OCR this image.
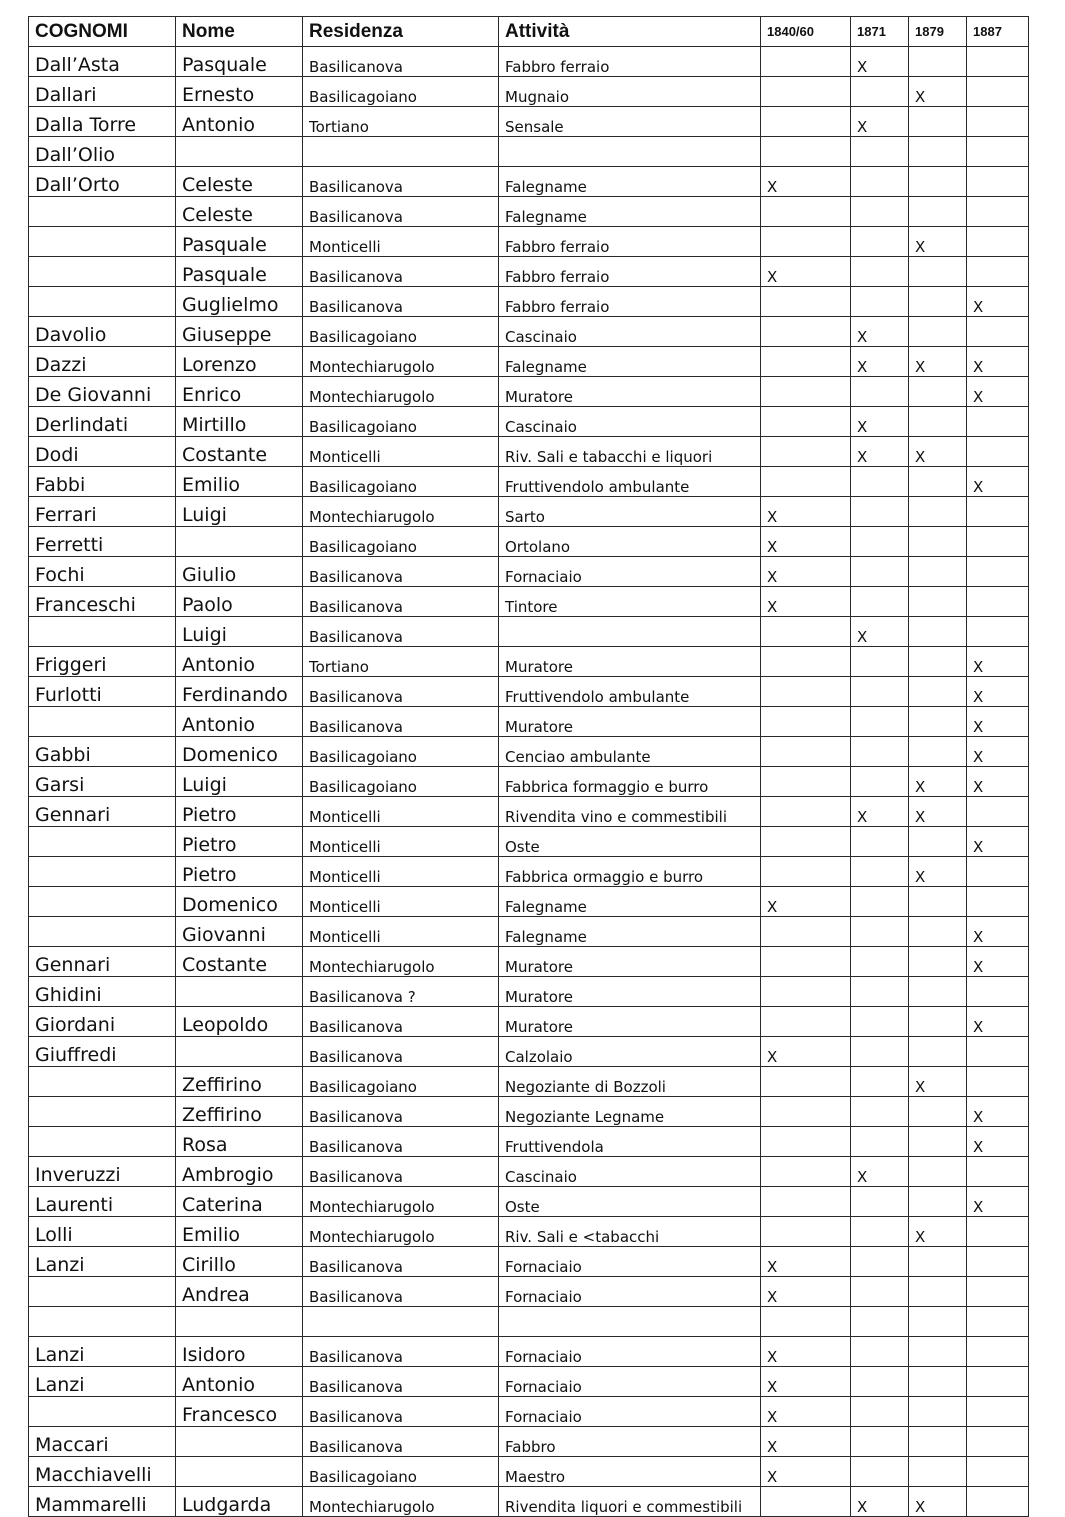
COGNOMI	Nome	Residenza	Attività	1840/60	1871	1879	1887
Dall’Asta	Pasquale	Basilicanova	Fabbro ferraio		X		
Dallari	Ernesto	Basilicagoiano	Mugnaio			X	
Dalla Torre	Antonio	Tortiano	Sensale		X		
Dall’Olio							
Dall’Orto	Celeste	Basilicanova	Falegname	X			
	Celeste	Basilicanova	Falegname				
	Pasquale	Monticelli	Fabbro ferraio			X	
	Pasquale	Basilicanova	Fabbro ferraio	X			
	Guglielmo	Basilicanova	Fabbro ferraio				X
Davolio	Giuseppe	Basilicagoiano	Cascinaio		X		
Dazzi	Lorenzo	Montechiarugolo	Falegname		X	X	X
De Giovanni	Enrico	Montechiarugolo	Muratore				X
Derlindati	Mirtillo	Basilicagoiano	Cascinaio		X		
Dodi	Costante	Monticelli	Riv. Sali e tabacchi e liquori		X	X	
Fabbi	Emilio	Basilicagoiano	Fruttivendolo ambulante				X
Ferrari	Luigi	Montechiarugolo	Sarto	X			
Ferretti		Basilicagoiano	Ortolano	X			
Fochi	Giulio	Basilicanova	Fornaciaio	X			
Franceschi	Paolo	Basilicanova	Tintore	X			
	Luigi	Basilicanova			X		
Friggeri	Antonio	Tortiano	Muratore				X
Furlotti	Ferdinando	Basilicanova	Fruttivendolo ambulante				X
	Antonio	Basilicanova	Muratore				X
Gabbi	Domenico	Basilicagoiano	Cenciao ambulante				X
Garsi	Luigi	Basilicagoiano	Fabbrica formaggio e burro			X	X
Gennari	Pietro	Monticelli	Rivendita vino e commestibili		X	X	
	Pietro	Monticelli	Oste				X
	Pietro	Monticelli	Fabbrica ormaggio e burro			X	
	Domenico	Monticelli	Falegname	X			
	Giovanni	Monticelli	Falegname				X
Gennari	Costante	Montechiarugolo	Muratore				X
Ghidini		Basilicanova ?	Muratore				
Giordani	Leopoldo	Basilicanova	Muratore				X
Giuffredi		Basilicanova	Calzolaio	X			
	Zeffirino	Basilicagoiano	Negoziante di Bozzoli			X	
	Zeffirino	Basilicanova	Negoziante Legname				X
	Rosa	Basilicanova	Fruttivendola				X
Inveruzzi	Ambrogio	Basilicanova	Cascinaio		X		
Laurenti	Caterina	Montechiarugolo	Oste				X
Lolli	Emilio	Montechiarugolo	Riv. Sali e <tabacchi			X	
Lanzi	Cirillo	Basilicanova	Fornaciaio	X			
	Andrea	Basilicanova	Fornaciaio	X			

Lanzi	Isidoro	Basilicanova	Fornaciaio	X			
Lanzi	Antonio	Basilicanova	Fornaciaio	X			
	Francesco	Basilicanova	Fornaciaio	X			
Maccari		Basilicanova	Fabbro	X			
Macchiavelli		Basilicagoiano	Maestro	X			
Mammarelli	Ludgarda	Montechiarugolo	Rivendita liquori e commestibili		X	X	
